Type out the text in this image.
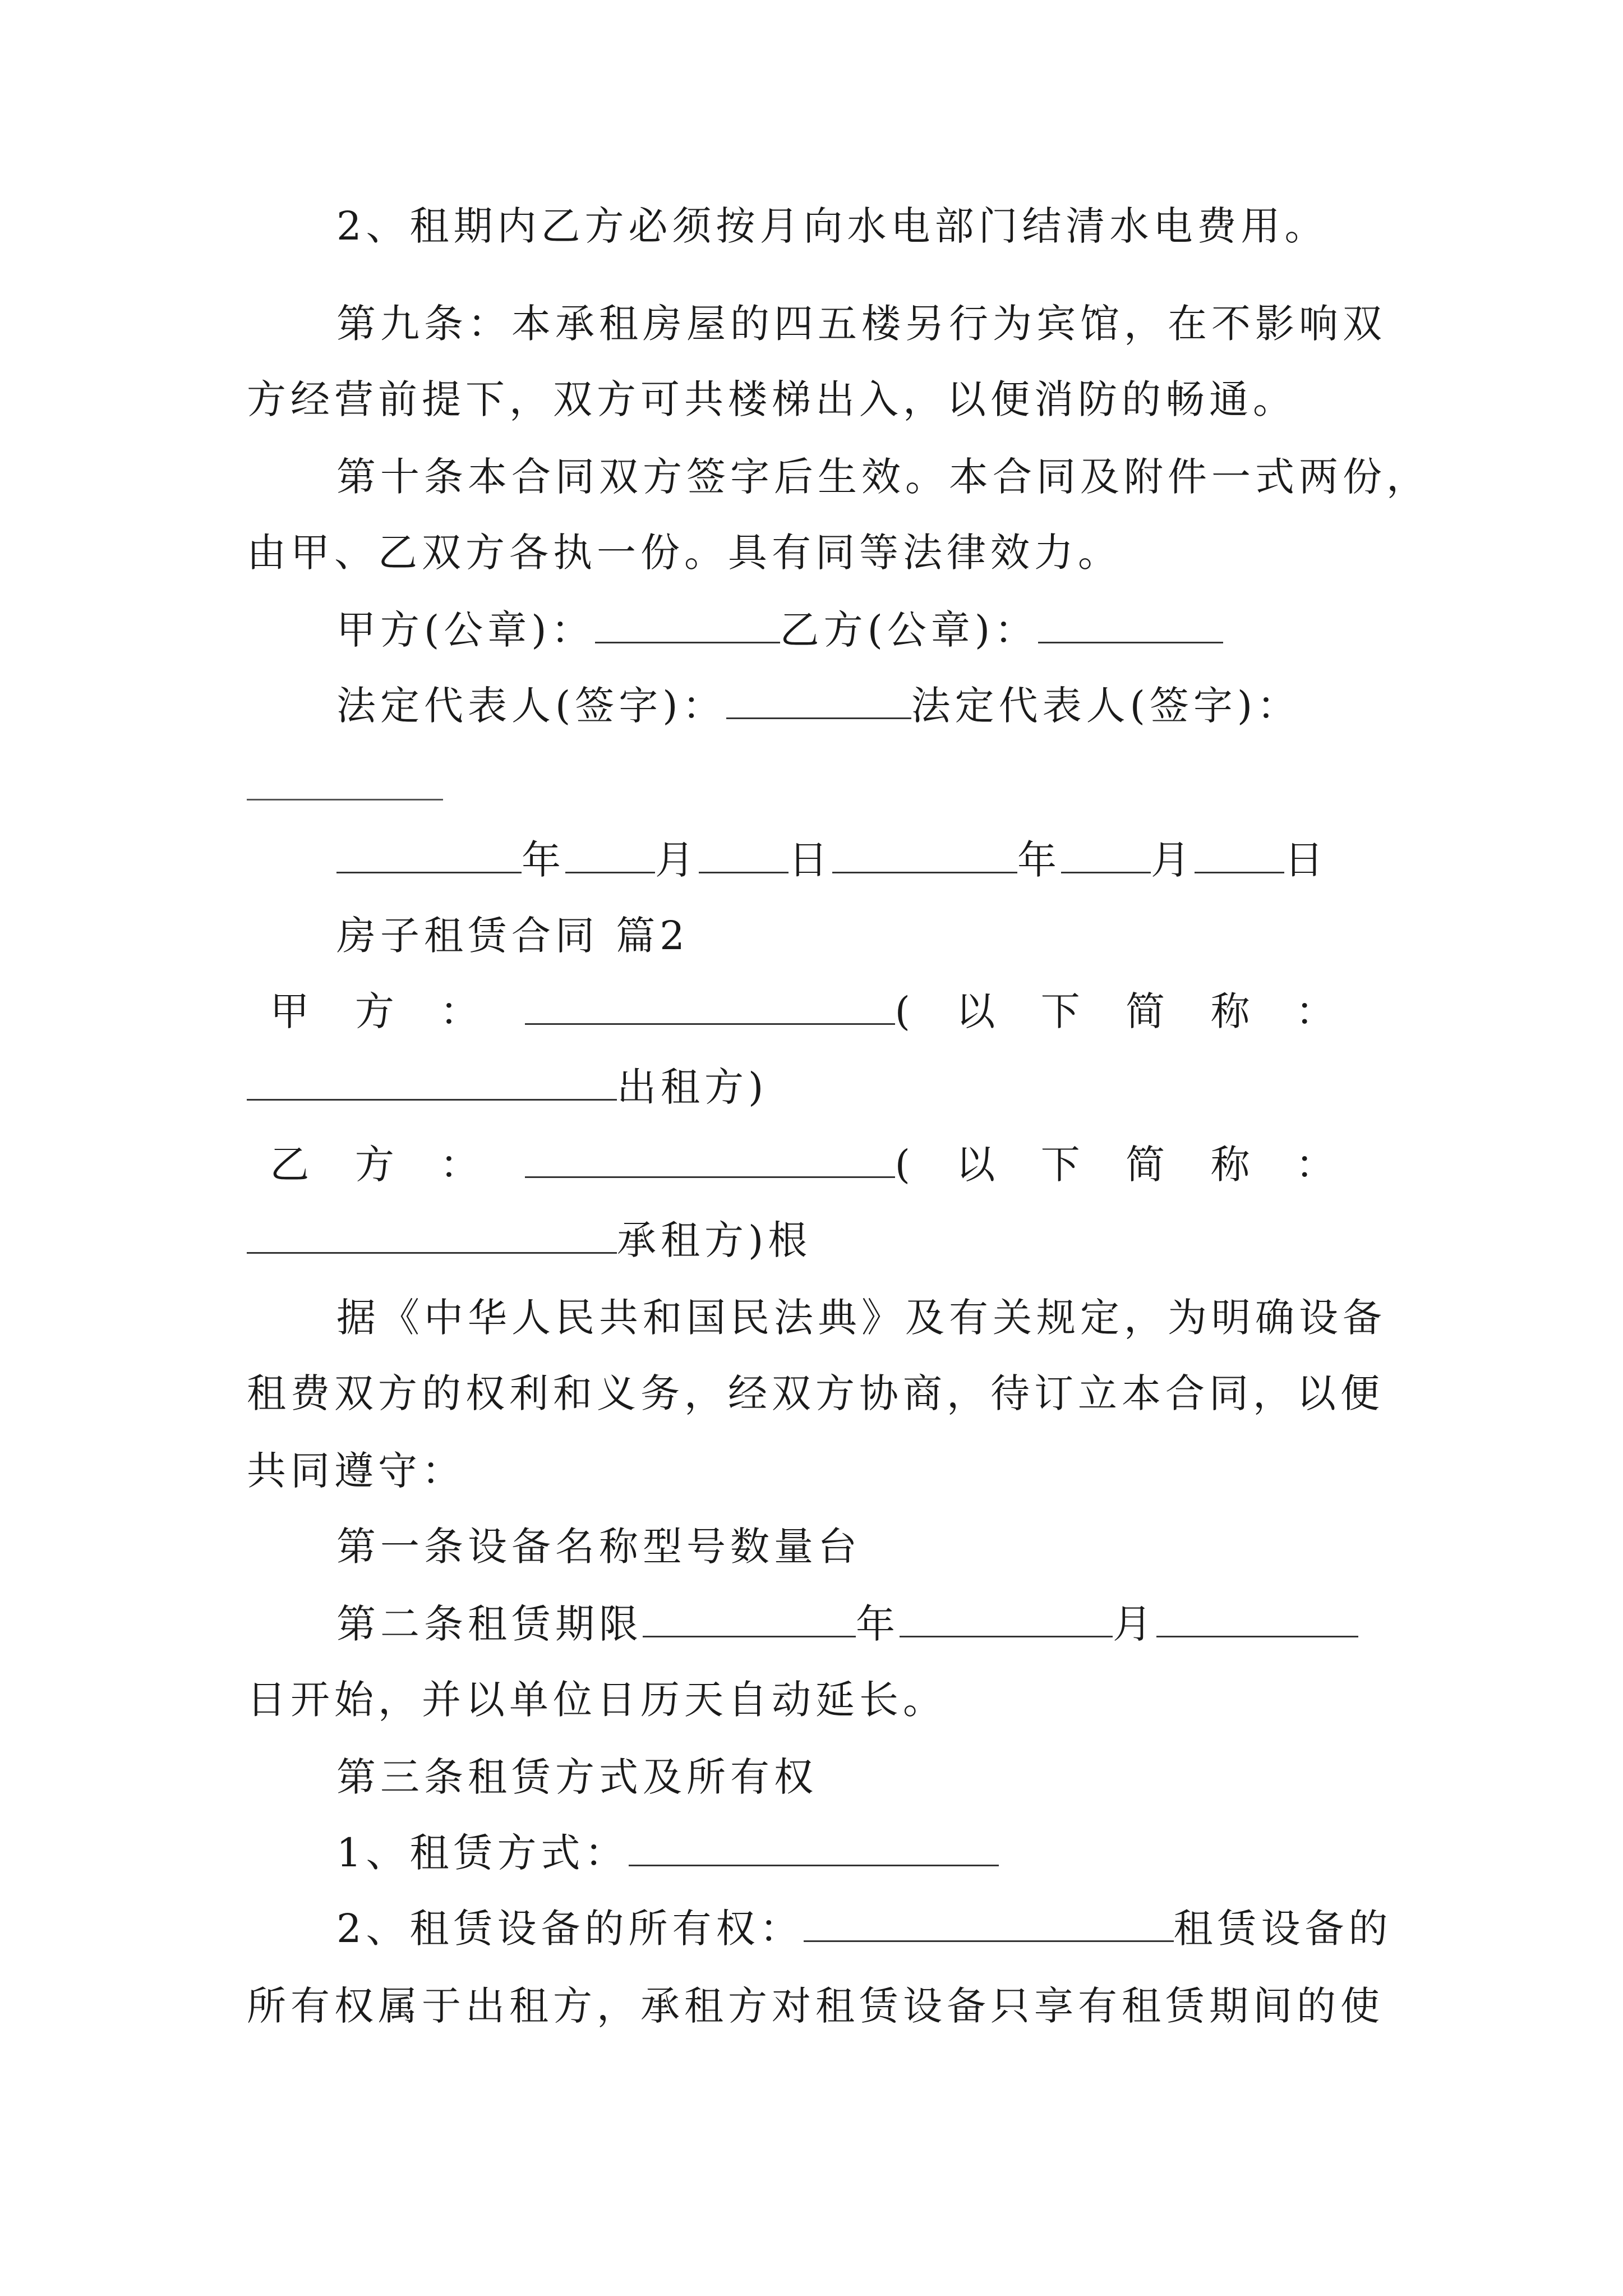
2、租期内乙方必须按月向水电部门结清水电费用。
第九条：本承租房屋的四五楼另行为宾馆，在不影响双
方经营前提下，双方可共楼梯出入，以便消防的畅通。
第十条本合同双方签字后生效。本合同及附件一式两份，
由甲、乙双方各执一份。具有同等法律效力。
甲方(公章)：	乙方(公章)：
法定代表人(签字)：	法定代表人(签字)：
年 月 日	年 月 日
房子租赁合同 篇2
甲方：	(以下简称：
出租方)
乙方：	(以下简称：
承租方)根
据《中华人民共和国民法典》及有关规定，为明确设备
租费双方的权利和义务，经双方协商，待订立本合同，以便
共同遵守：
第一条设备名称型号数量台
第二条租赁期限	年	月
日开始，并以单位日历天自动延长。
第三条租赁方式及所有权
1、租赁方式：
2、租赁设备的所有权：	租赁设备的
所有权属于出租方，承租方对租赁设备只享有租赁期间的使
